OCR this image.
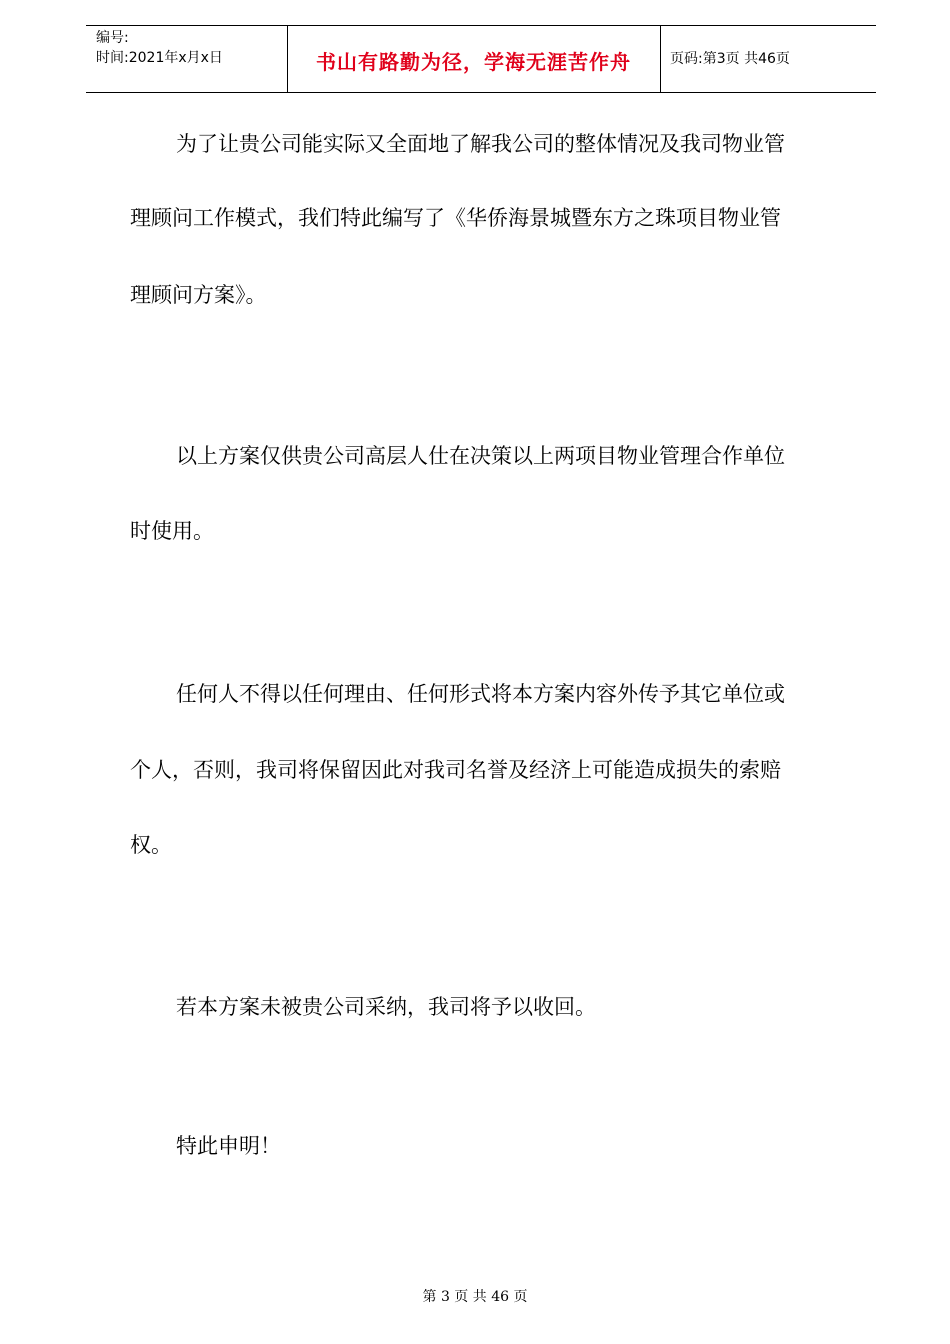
编号:
时间:2021年x月x日	书山有路勤为径，学海无涯苦作舟	页码:第3页 共46页
为了让贵公司能实际又全面地了解我公司的整体情况及我司物业管
理顾问工作模式，我们特此编写了《华侨海景城暨东方之珠项目物业管
理顾问方案》。
以上方案仅供贵公司高层人仕在决策以上两项目物业管理合作单位
时使用。
任何人不得以任何理由、任何形式将本方案内容外传予其它单位或
个人，否则，我司将保留因此对我司名誉及经济上可能造成损失的索赔
权。
若本方案未被贵公司采纳，我司将予以收回。
特此申明！
第 3 页 共 46 页
